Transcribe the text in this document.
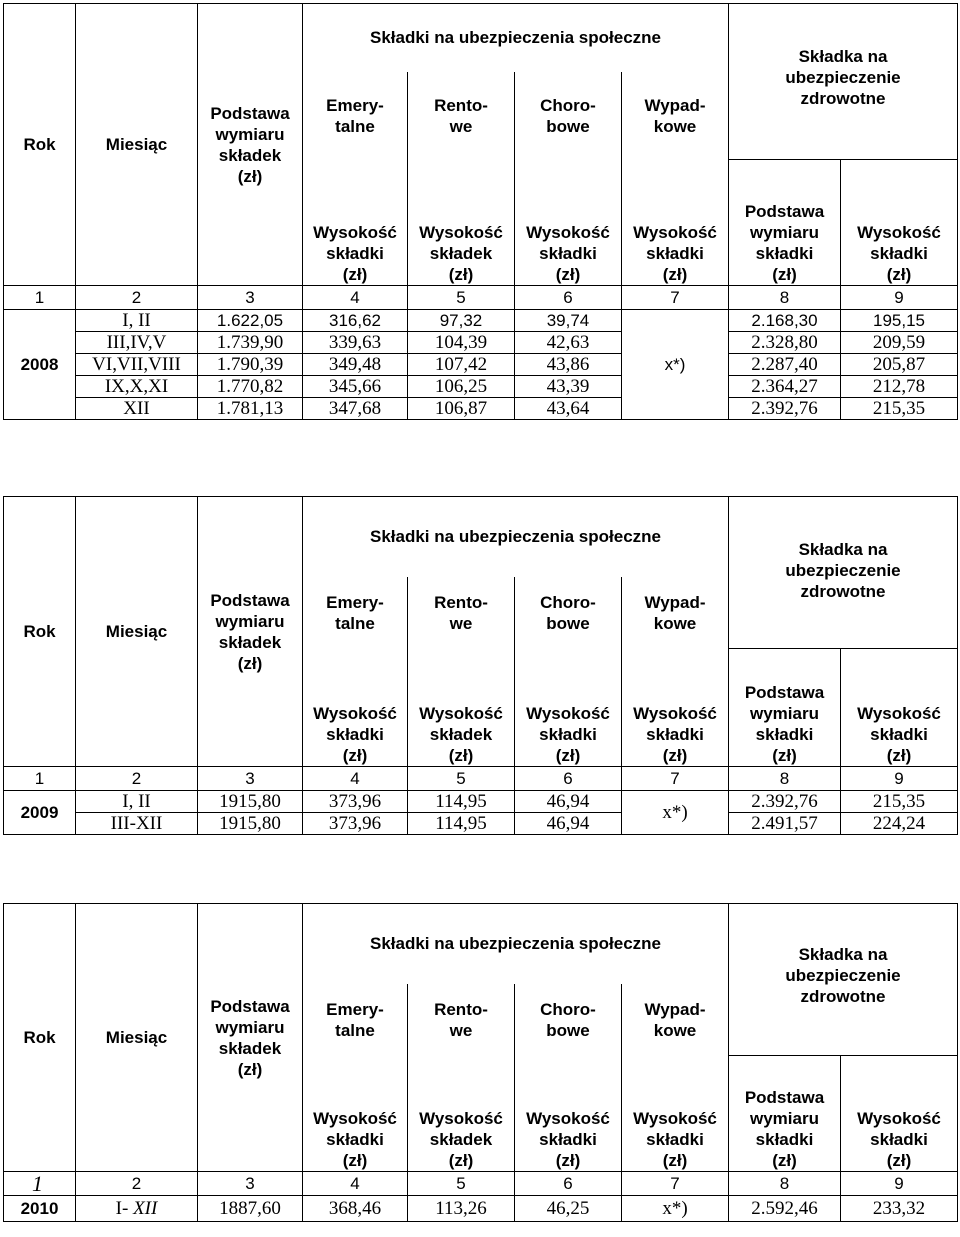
Rok	Miesiąc	Podstawa
wymiaru
składek
(zł)	Składki na ubezpieczenia społeczne				Składka na
ubezpieczenie
zdrowotne	
			Emery-
talne	Rento-
we	Choro-
bowe	Wypad-
kowe		
			Wysokość
składki
(zł)	Wysokość
składek
(zł)	Wysokość
składki
(zł)	Wysokość
składki
(zł)	Podstawa
wymiaru
składki
(zł)	Wysokość
składki
(zł)
1	2	3	4	5	6	7	8	9
2008	I, II	1.622,05	316,62	97,32	39,74	x*)	2.168,30	195,15
	III,IV,V	1.739,90	339,63	104,39	42,63		2.328,80	209,59
	VI,VII,VIII	1.790,39	349,48	107,42	43,86		2.287,40	205,87
	IX,X,XI	1.770,82	345,66	106,25	43,39		2.364,27	212,78
	XII	1.781,13	347,68	106,87	43,64		2.392,76	215,35
Rok	Miesiąc	Podstawa
wymiaru
składek
(zł)	Składki na ubezpieczenia społeczne				Składka na
ubezpieczenie
zdrowotne	
			Emery-
talne	Rento-
we	Choro-
bowe	Wypad-
kowe		
			Wysokość
składki
(zł)	Wysokość
składek
(zł)	Wysokość
składki
(zł)	Wysokość
składki
(zł)	Podstawa
wymiaru
składki
(zł)	Wysokość
składki
(zł)
1	2	3	4	5	6	7	8	9
2009	I, II	1915,80	373,96	114,95	46,94	x*)	2.392,76	215,35
	III-XII	1915,80	373,96	114,95	46,94		2.491,57	224,24
Rok	Miesiąc	Podstawa
wymiaru
składek
(zł)	Składki na ubezpieczenia społeczne				Składka na
ubezpieczenie
zdrowotne	
			Emery-
talne	Rento-
we	Choro-
bowe	Wypad-
kowe		
			Wysokość
składki
(zł)	Wysokość
składek
(zł)	Wysokość
składki
(zł)	Wysokość
składki
(zł)	Podstawa
wymiaru
składki
(zł)	Wysokość
składki
(zł)
1	2	3	4	5	6	7	8	9
2010	I- XII	1887,60	368,46	113,26	46,25	x*)	2.592,46	233,32
